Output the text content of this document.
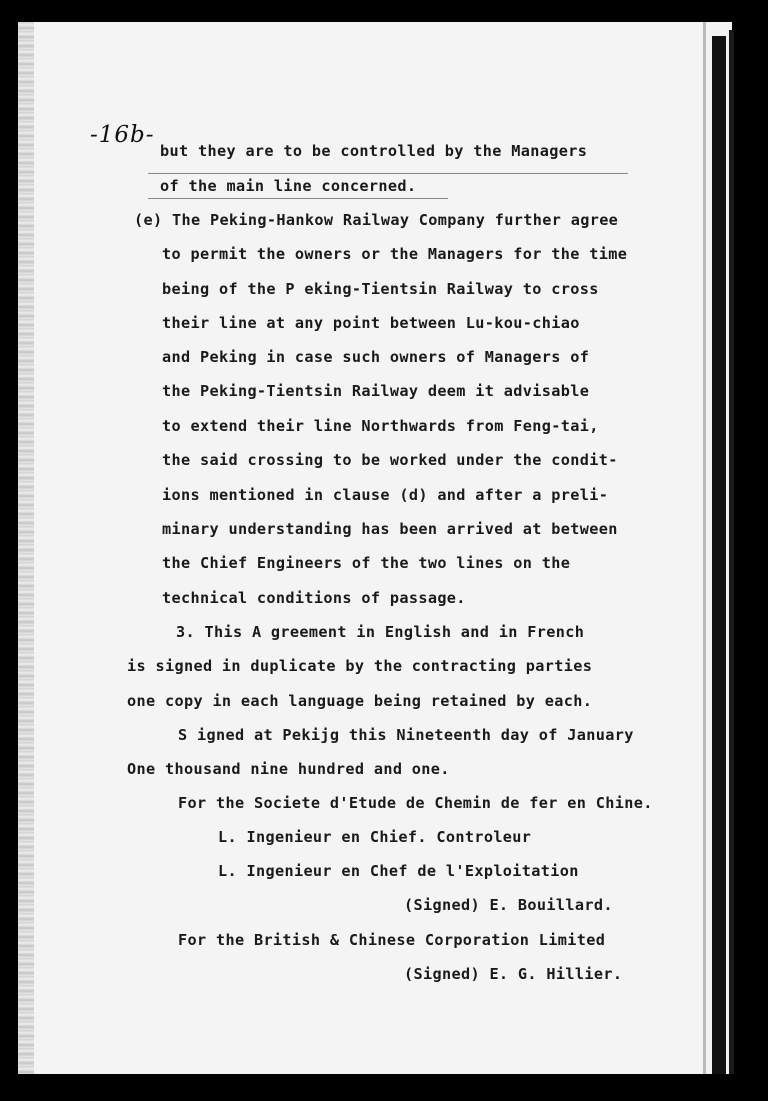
-16b-
but they are to be controlled by the Managers
of the main line concerned.
(e) The Peking-Hankow Railway Company further agree
to permit the owners or the Managers for the time
being of the P eking-Tientsin Railway to cross
their line at any point between Lu-kou-chiao
and Peking in case such owners of Managers of
the Peking-Tientsin Railway deem it advisable
to extend their line Northwards from Feng-tai,
the said crossing to be worked under the condit-
ions mentioned in clause (d) and after a preli-
minary understanding has been arrived at between
the Chief Engineers of the two lines on the
technical conditions of passage.
3. This A greement in English and in French
is signed in duplicate by the contracting parties
one copy in each language being retained by each.
S igned at Pekijg this Nineteenth day of January
One thousand nine hundred and one.
For the Societe d'Etude de Chemin de fer en Chine.
L. Ingenieur en Chief. Controleur
L. Ingenieur en Chef de l'Exploitation
(Signed) E. Bouillard.
For the British & Chinese Corporation Limited
(Signed) E. G. Hillier.
